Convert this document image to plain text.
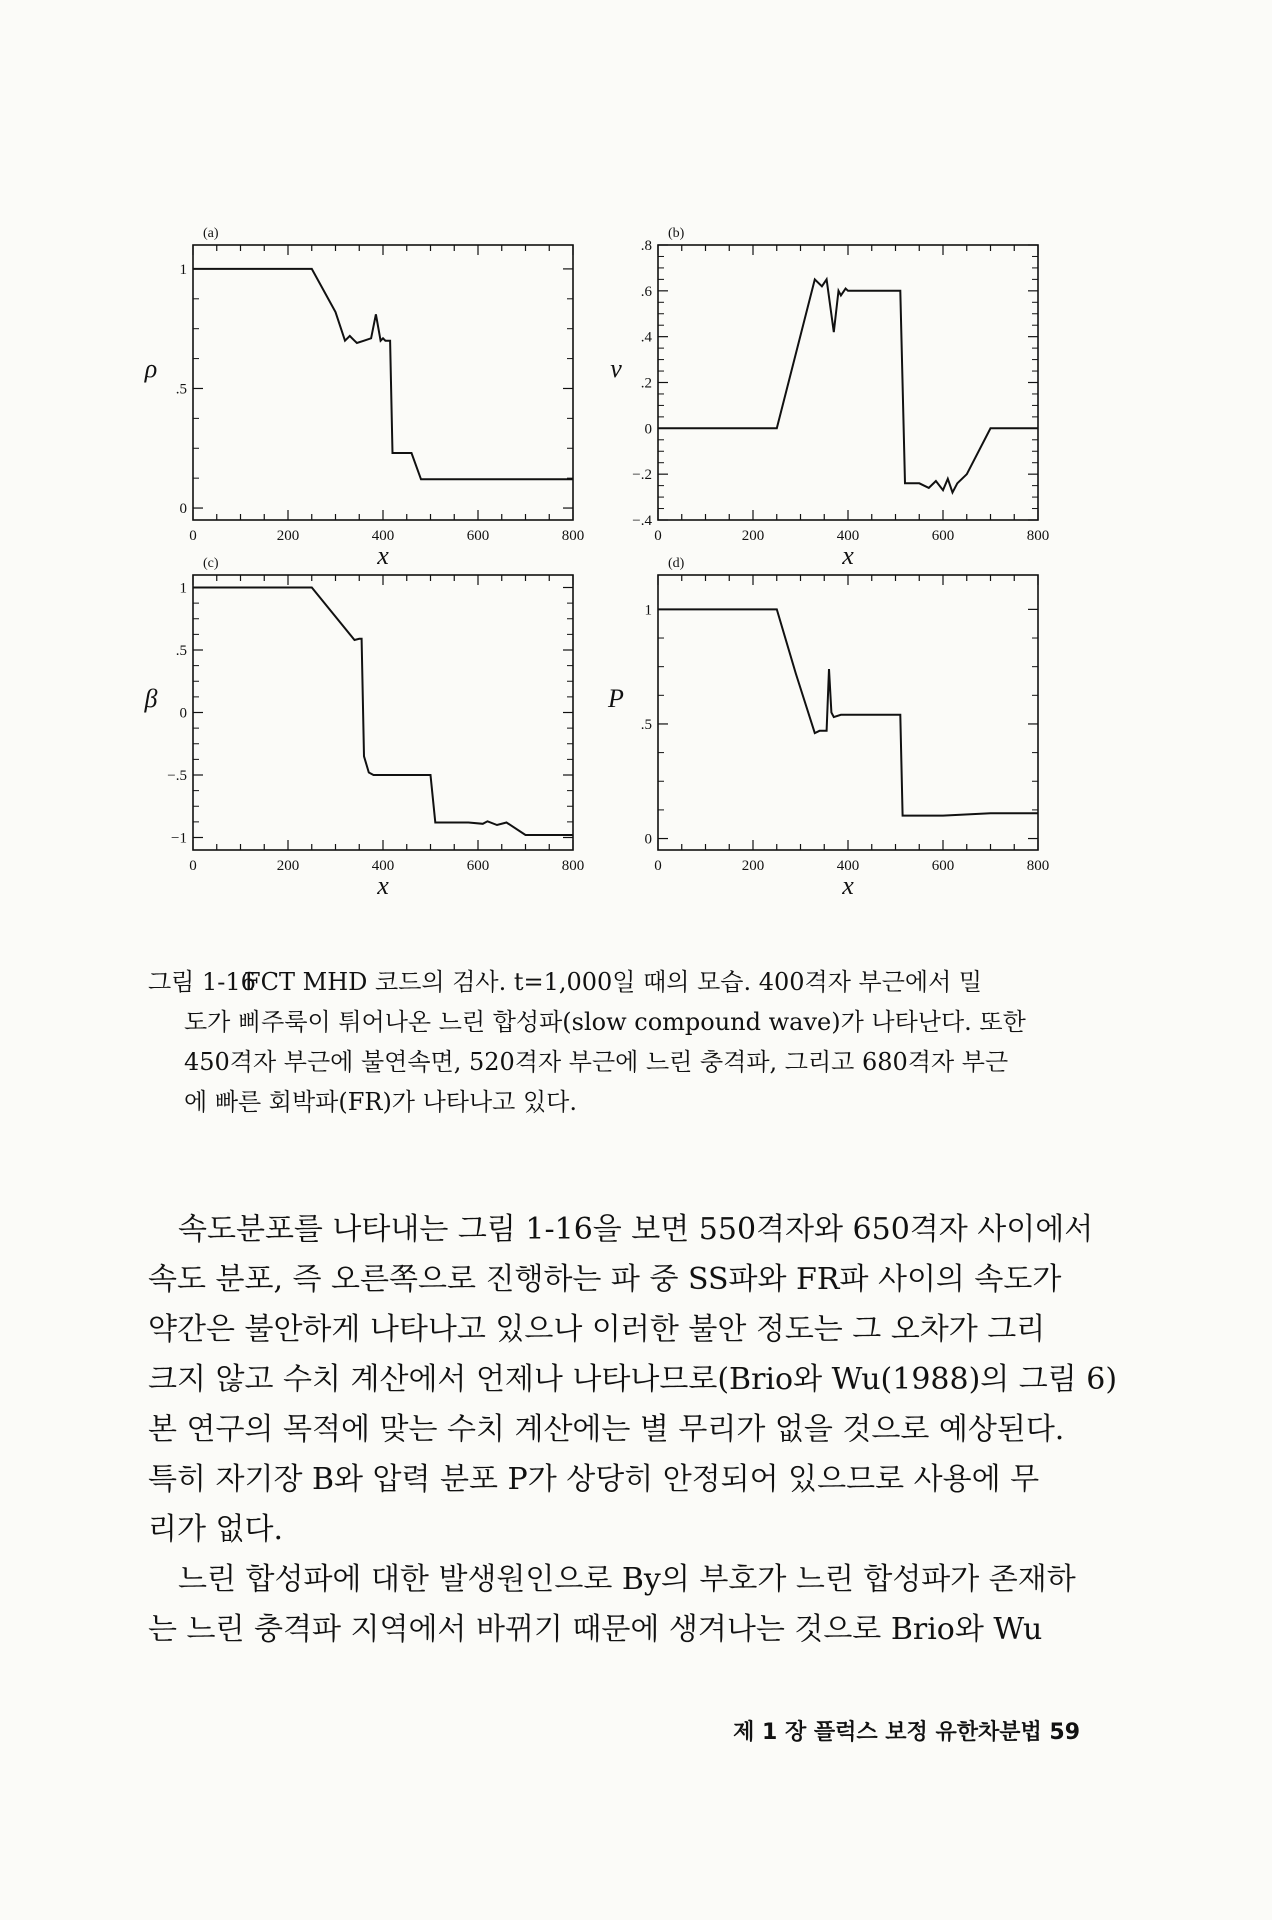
0	200	400	600	800
0
.5
1
(a)
x
ρ
0	200	400	600	800
−.4
−.2
0
.2
.4
.6
.8
(b)
x
v
0	200	400	600	800
−1
−.5
0
.5
1
(c)
x
β
0	200	400	600	800
0
.5
1
(d)
x
P
그림 1-16FCT MHD 코드의 검사. t=1,000일 때의 모습. 400격자 부근에서 밀
도가 삐주룩이 튀어나온 느린 합성파(slow compound wave)가 나타난다. 또한
450격자 부근에 불연속면, 520격자 부근에 느린 충격파, 그리고 680격자 부근
에 빠른 회박파(FR)가 나타나고 있다.

속도분포를 나타내는 그림 1-16을 보면 550격자와 650격자 사이에서
속도 분포, 즉 오른쪽으로 진행하는 파 중 SS파와 FR파 사이의 속도가
약간은 불안하게 나타나고 있으나 이러한 불안 정도는 그 오차가 그리
크지 않고 수치 계산에서 언제나 나타나므로(Brio와 Wu(1988)의 그림 6)
본 연구의 목적에 맞는 수치 계산에는 별 무리가 없을 것으로 예상된다.
특히 자기장 B와 압력 분포 P가 상당히 안정되어 있으므로 사용에 무
리가 없다.

느린 합성파에 대한 발생원인으로 By의 부호가 느린 합성파가 존재하
는 느린 충격파 지역에서 바뀌기 때문에 생겨나는 것으로 Brio와 Wu

제 1 장 플럭스 보정 유한차분법 59
